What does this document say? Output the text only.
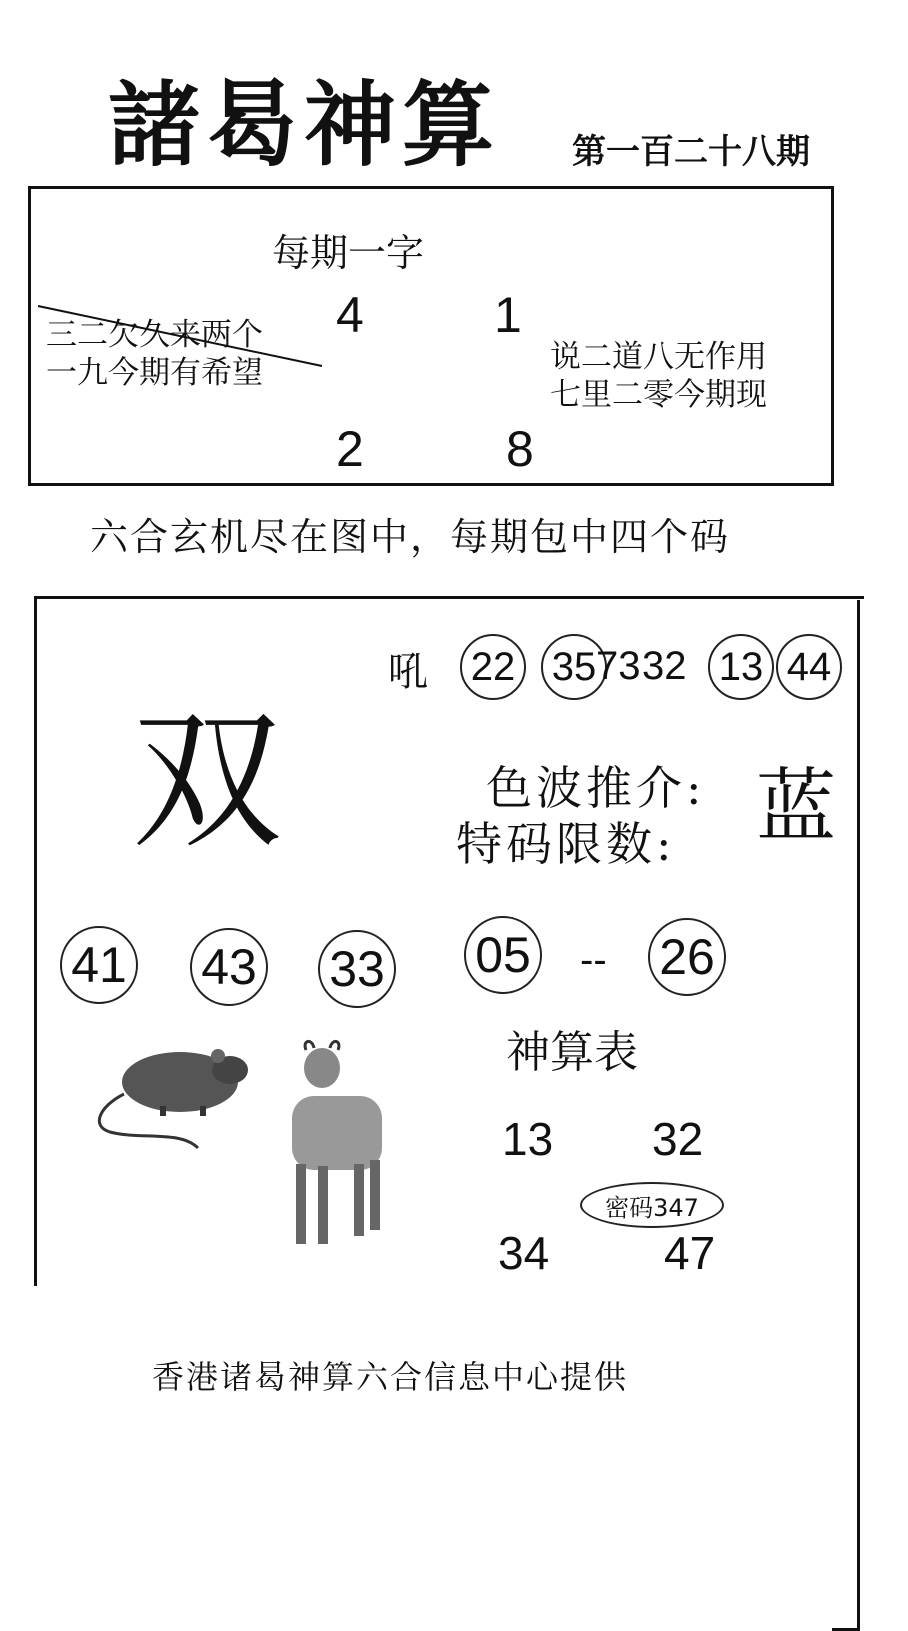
諸曷神算 第一百二十八期
每期一字
4	1
2	8
三二欠久来两个
一九今期有希望	说二道八无作用
七里二零今期现
六合玄机尽在图中，每期包中四个码
吼 22 35 73 32 13 44
双	色波推介: 蓝
特码限数:
41 43 33 05 -- 26
神算表
13 32
密码347
34 47
香港诸曷神算六合信息中心提供
